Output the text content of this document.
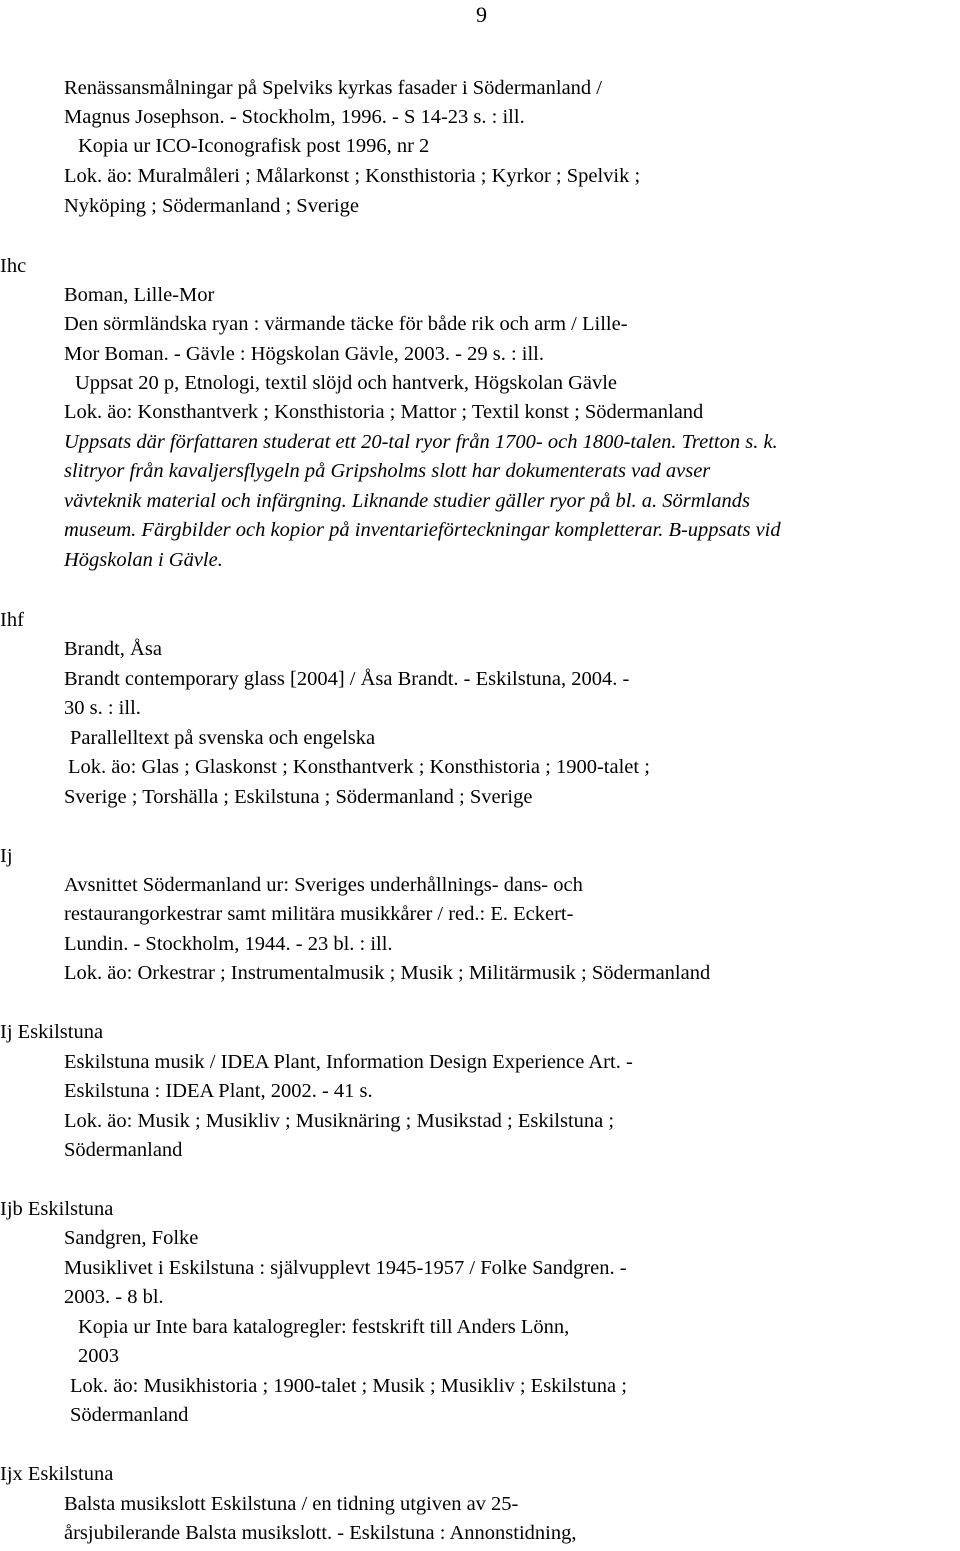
9
Renässansmålningar på Spelviks kyrkas fasader i Södermanland /
Magnus Josephson. - Stockholm, 1996. - S 14-23 s. : ill.
Kopia ur ICO-Iconografisk post 1996, nr 2
Lok. äo: Muralmåleri ; Målarkonst ; Konsthistoria ; Kyrkor ; Spelvik ;
Nyköping ; Södermanland ; Sverige
Ihc
Boman, Lille-Mor
Den sörmländska ryan : värmande täcke för både rik och arm / Lille-
Mor Boman. - Gävle : Högskolan Gävle, 2003. - 29 s. : ill.
Uppsat 20 p, Etnologi, textil slöjd och hantverk, Högskolan Gävle
Lok. äo: Konsthantverk ; Konsthistoria ; Mattor ; Textil konst ; Södermanland
Uppsats där författaren studerat ett 20-tal ryor från 1700- och 1800-talen. Tretton s. k.
slitryor från kavaljersflygeln på Gripsholms slott har dokumenterats vad avser
vävteknik material och infärgning. Liknande studier gäller ryor på bl. a. Sörmlands
museum. Färgbilder och kopior på inventarieförteckningar kompletterar. B-uppsats vid
Högskolan i Gävle.
Ihf
Brandt, Åsa
Brandt contemporary glass [2004] / Åsa Brandt. - Eskilstuna, 2004. -
30 s. : ill.
Parallelltext på svenska och engelska
Lok. äo: Glas ; Glaskonst ; Konsthantverk ; Konsthistoria ; 1900-talet ;
Sverige ; Torshälla ; Eskilstuna ; Södermanland ; Sverige
Ij
Avsnittet Södermanland ur: Sveriges underhållnings- dans- och
restaurangorkestrar samt militära musikkårer / red.: E. Eckert-
Lundin. - Stockholm, 1944. - 23 bl. : ill.
Lok. äo: Orkestrar ; Instrumentalmusik ; Musik ; Militärmusik ; Södermanland
Ij Eskilstuna
Eskilstuna musik / IDEA Plant, Information Design Experience Art. -
Eskilstuna : IDEA Plant, 2002. - 41 s.
Lok. äo: Musik ; Musikliv ; Musiknäring ; Musikstad ; Eskilstuna ;
Södermanland
Ijb Eskilstuna
Sandgren, Folke
Musiklivet i Eskilstuna : självupplevt 1945-1957 / Folke Sandgren. -
2003. - 8 bl.
Kopia ur Inte bara katalogregler: festskrift till Anders Lönn,
2003
Lok. äo: Musikhistoria ; 1900-talet ; Musik ; Musikliv ; Eskilstuna ;
Södermanland
Ijx Eskilstuna
Balsta musikslott Eskilstuna / en tidning utgiven av 25-
årsjubilerande Balsta musikslott. - Eskilstuna : Annonstidning,
